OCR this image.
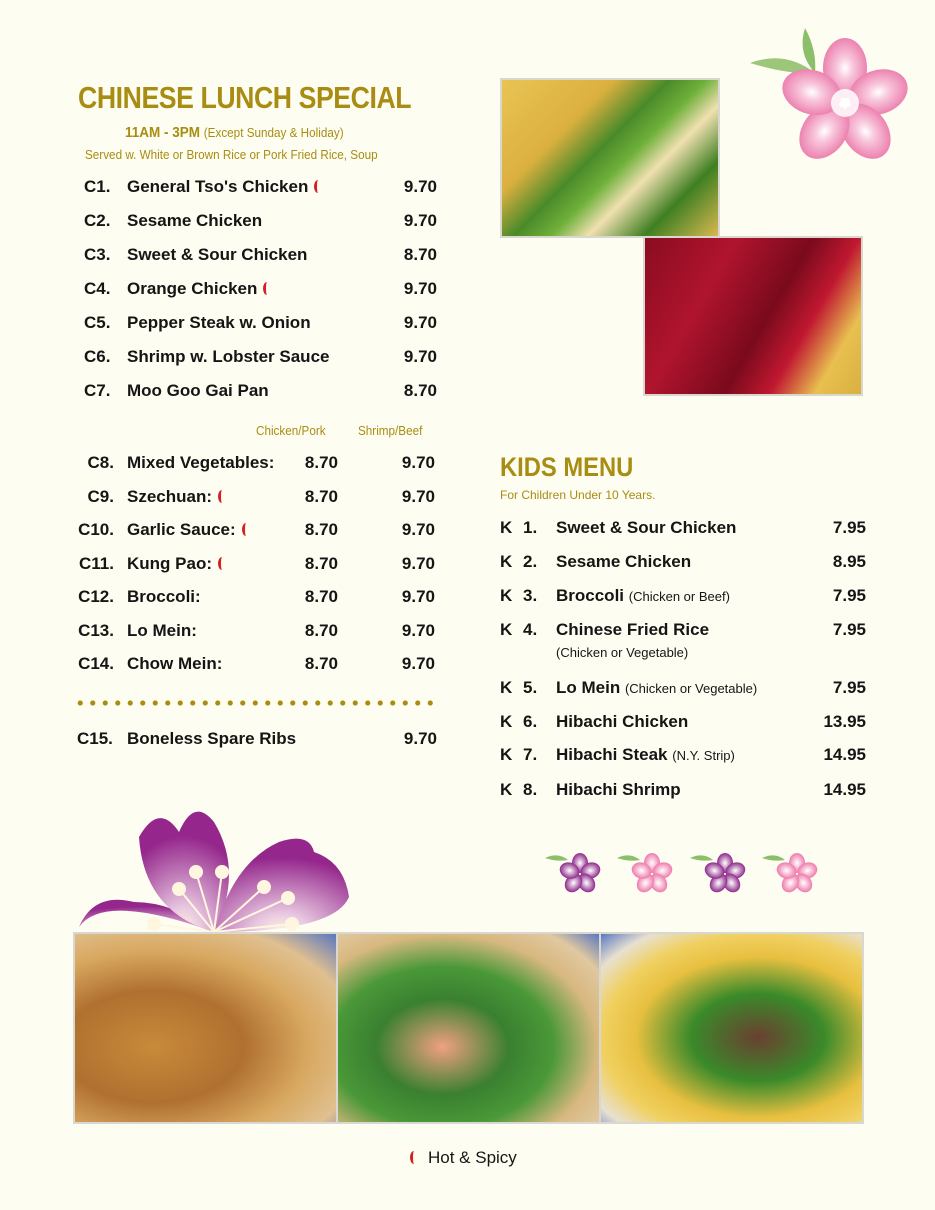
CHINESE LUNCH SPECIAL
11AM - 3PM (Except Sunday & Holiday)
Served w. White or Brown Rice or Pork Fried Rice, Soup
C1. General Tso's Chicken	9.70
C2. Sesame Chicken	9.70
C3. Sweet & Sour Chicken	8.70
C4. Orange Chicken	9.70
C5. Pepper Steak w. Onion	9.70
C6. Shrimp w. Lobster Sauce	9.70
C7. Moo Goo Gai Pan	8.70
Chicken/Pork Shrimp/Beef
C8. Mixed Vegetables: 8.70	9.70
C9. Szechuan:	8.70	9.70
C10. Garlic Sauce:	8.70	9.70
C11. Kung Pao:	8.70	9.70
C12. Broccoli:	8.70	9.70
C13. Lo Mein:	8.70	9.70
C14. Chow Mein:	8.70	9.70
C15. Boneless Spare Ribs	9.70
KIDS MENU
For Children Under 10 Years.
K 1. Sweet & Sour Chicken	7.95
K 2. Sesame Chicken	8.95
K 3. Broccoli (Chicken or Beef)	7.95
K 4. Chinese Fried Rice
(Chicken or Vegetable)
7.95
K 5. Lo Mein (Chicken or Vegetable)	7.95
K 6. Hibachi Chicken	13.95
K 7. Hibachi Steak (N.Y. Strip)	14.95
K 8. Hibachi Shrimp	14.95
Hot & Spicy
